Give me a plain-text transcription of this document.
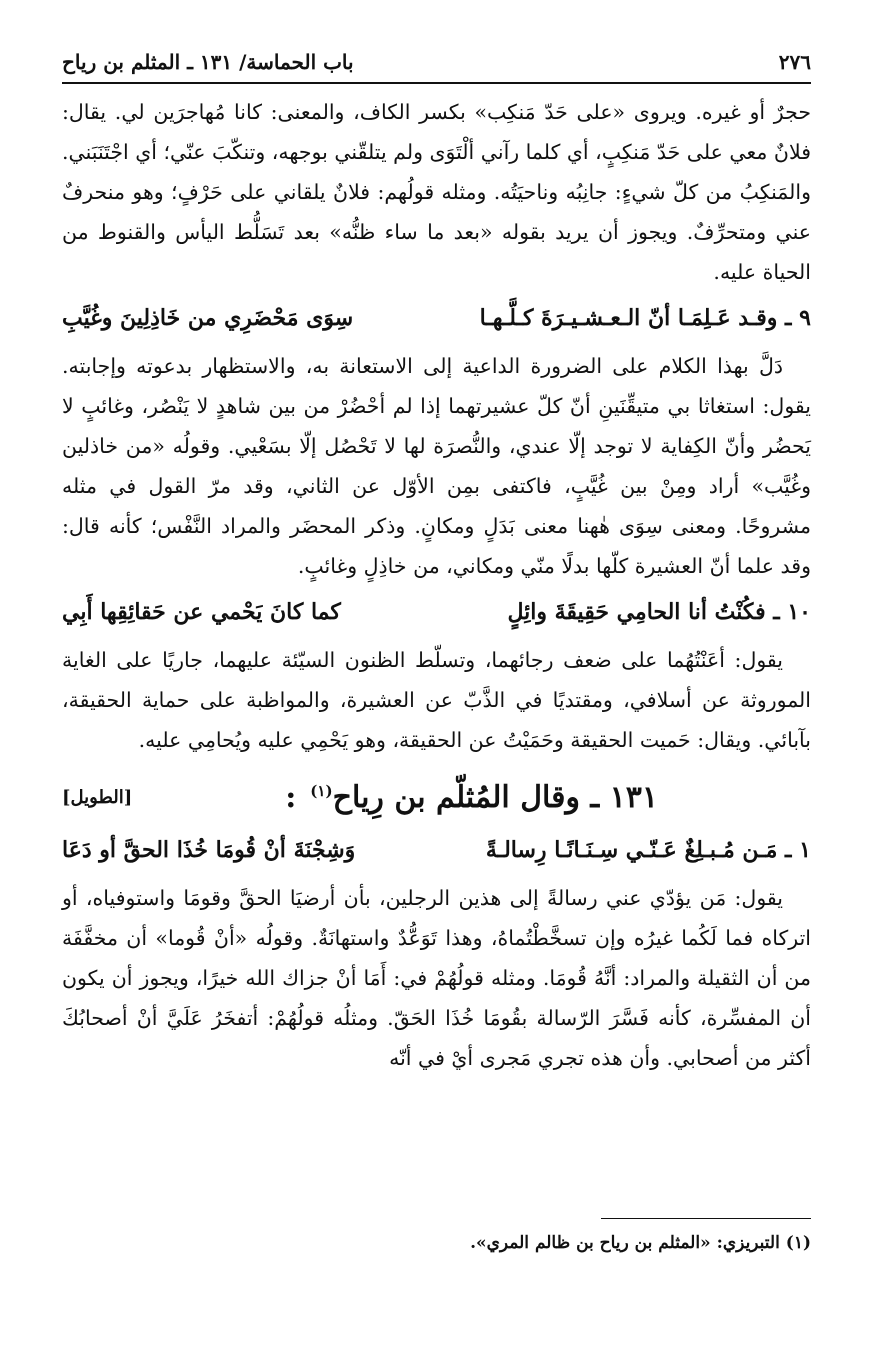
٢٧٦
باب الحماسة/ ١٣١ ـ المثلم بن رياح

حجرٌ أو غيره. ويروى «على حَدّ مَنكِب» بكسر الكاف، والمعنى: كانا مُهاجرَين لي. يقال: فلانٌ معي على حَدّ مَنكِبٍ، أي كلما رآني ألْتَوَى ولم يتلقّني بوجهه، وتنكّبَ عنّي؛ أي اجْتَنَبَني. والمَنكِبُ من كلّ شيءٍ: جانِبُه وناحيَتُه. ومثله قولُهم: فلانٌ يلقاني على حَرْفٍ؛ وهو منحرفٌ عني ومتحرِّفٌ. ويجوز أن يريد بقوله «بعد ما ساء ظنُّه» بعد تَسَلُّط اليأس والقنوط من الحياة عليه.

٩ ـ وقـد عَـلِمَـا أنّ الـعـشـيـرَةَ كـلَّـهـا
سِوَى مَحْضَرِي من خَاذِلِينَ وغُيَّبِ

دَلَّ بهذا الكلام على الضرورة الداعية إلى الاستعانة به، والاستظهار بدعوته وإجابته. يقول: استغاثا بي متيقِّنَينِ أنّ كلّ عشيرتهما إذا لم أحْضُرْ من بين شاهدٍ لا يَنْصُر، وغائبٍ لا يَحضُر وأنّ الكِفاية لا توجد إلّا عندي، والنُّصرَة لها لا تَحْصُل إلّا بسَعْيي. وقولُه «من خاذلين وغُيَّب» أراد ومِنْ بين غُيَّبٍ، فاكتفى بمِن الأوّل عن الثاني، وقد مرّ القول في مثله مشروحًا. ومعنى سِوَى هٰهنا معنى بَدَلٍ ومكانٍ. وذكر المحضَر والمراد النَّفْس؛ كأنه قال: وقد علما أنّ العشيرة كلّها بدلًا منّي ومكاني، من خاذِلٍ وغائبٍ.

١٠ ـ فكُنْتُ أنا الحامِي حَقِيقَةَ وائِلٍ
كما كانَ يَحْمي عن حَقائِقِها أَبِي

يقول: أعَنْتُهُما على ضعف رجائهما، وتسلّط الظنون السيّئة عليهما، جاريًا على الغاية الموروثة عن أسلافي، ومقتديًا في الذَّبّ عن العشيرة، والمواظبة على حماية الحقيقة، بآبائي. ويقال: حَميت الحقيقة وحَمَيْتُ عن الحقيقة، وهو يَحْمِي عليه ويُحامِي عليه.

١٣١ ـ وقال المُثلّم بن رِياح$^{(١)}$:
[الطويل]
١ ـ مَـن مُـبـلِغٌ عَـنّـي سِـنَـانًـا رِسالـةً
وَشِجْنَةَ أنْ قُومَا خُذَا الحقَّ أو دَعَا

يقول: مَن يؤدّي عني رسالةً إلى هذين الرجلين، بأن أرضيَا الحقَّ وقومَا واستوفياه، أو اتركاه فما لَكُما غيرُه وإن تسخَّطْتُماهُ، وهذا تَوَعُّدٌ واستهانَةٌ. وقولُه «أنْ قُوما» أن مخفَّفَة من أن الثقيلة والمراد: أنَّهُ قُومَا. ومثله قولُهُمْ في: أَمَا أنْ جزاك الله خيرًا، ويجوز أن يكون أن المفسِّرة، كأنه فَسَّرَ الرّسالة بقُومَا خُذَا الحَقّ. ومثلُه قولُهُمْ: أتفخَرُ عَلَيَّ أنْ أصحابُكَ أكثر من أصحابي. وأن هذه تجري مَجرى أيْ في أنّه

(١) التبريزي: «المثلم بن رياح بن ظالم المري».
